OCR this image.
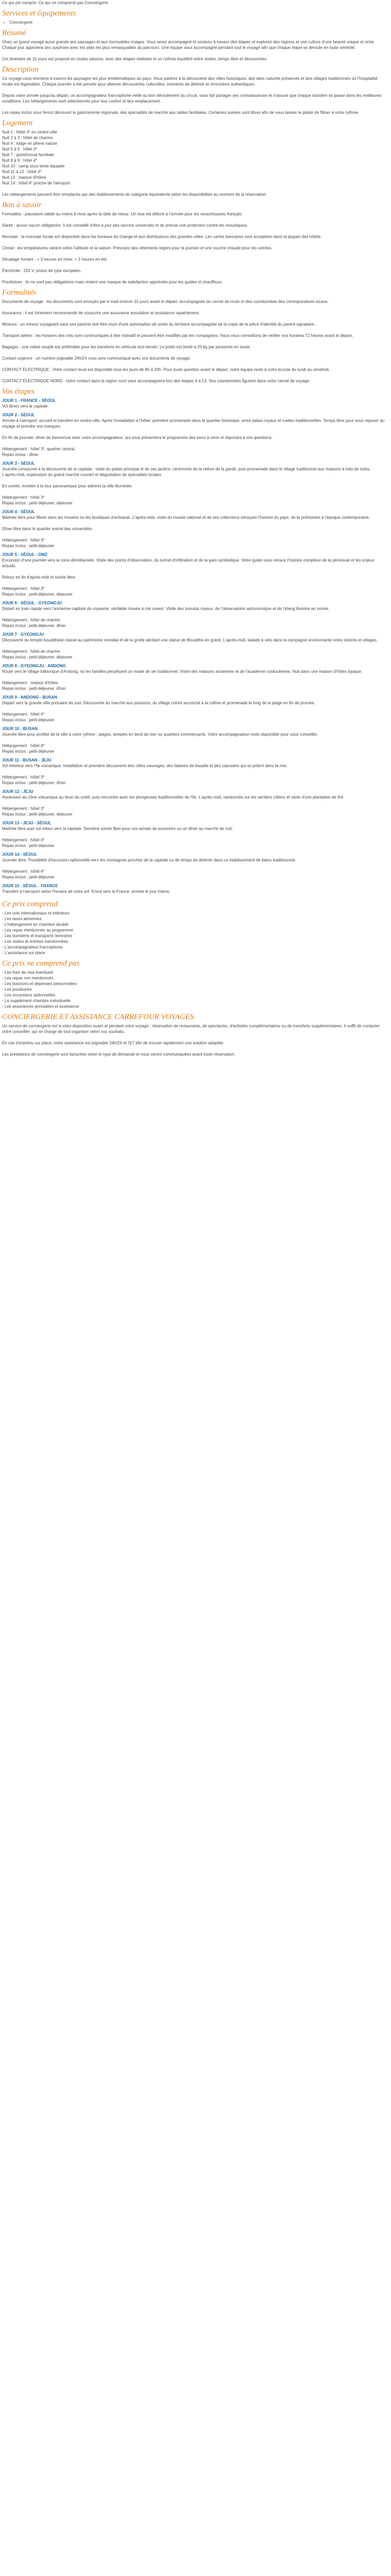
Ce qui est compris: Ce qui ne comprend pas Conciergerie
Services et équipements
• Conciergerie
Résumé

Vivez un grand voyage aussi grande aux paysages et aux incroyables images. Vous serez accompagné et soutenu à travers des étapes et explorez des régions et une culture d'une beauté unique et riche. Chaque jour apportera ses surprises avec les sites les plus remarquables du parcours. Une équipe vous accompagne pendant tout le voyage afin que chaque étape se déroule en toute sérénité.

Cet itinéraire de 15 jours est proposé en toutes saisons, avec des étapes réalistes et un rythme équilibré entre visites, temps libre et découvertes.

Description

Ce voyage vous emmène à travers les paysages les plus emblématiques du pays. Vous partirez à la découverte des villes historiques, des sites naturels préservés et des villages traditionnels où l'hospitalité locale est légendaire. Chaque journée a été pensée pour alterner découvertes culturelles, moments de détente et rencontres authentiques.

Depuis votre arrivée jusqu'au départ, un accompagnateur francophone veille au bon déroulement du circuit, vous fait partager ses connaissances et s'assure que chaque transfert se passe dans les meilleures conditions. Les hébergements sont sélectionnés pour leur confort et leur emplacement.

Les repas inclus vous feront découvrir la gastronomie régionale, des spécialités de marché aux tables familiales. Certaines soirées sont libres afin de vous laisser le plaisir de flâner à votre rythme.

Logement

Nuit 1 : hôtel 3* en centre-ville
Nuit 2 à 3 : hôtel de charme
Nuit 4 : lodge en pleine nature
Nuit 5 à 6 : hôtel 3*
Nuit 7 : guesthouse familiale
Nuit 8 à 9 : hôtel 4*
Nuit 10 : camp sous tente équipée
Nuit 11 à 12 : hôtel 3*
Nuit 13 : maison d'hôtes
Nuit 14 : hôtel 4* proche de l'aéroport

Les hébergements peuvent être remplacés par des établissements de catégorie équivalente selon les disponibilités au moment de la réservation.

Bon à savoir

Formalités : passeport valide au moins 6 mois après la date de retour. Un visa est délivré à l'arrivée pour les ressortissants français.

Santé : aucun vaccin obligatoire. Il est conseillé d'être à jour des vaccins universels et de prévoir une protection contre les moustiques.

Monnaie : la monnaie locale est disponible dans les bureaux de change et aux distributeurs des grandes villes. Les cartes bancaires sont acceptées dans la plupart des hôtels.

Climat : les températures varient selon l'altitude et la saison. Prévoyez des vêtements légers pour la journée et une couche chaude pour les soirées.

Décalage horaire : + 3 heures en hiver, + 2 heures en été.

Électricité : 220 V, prises de type européen.

Pourboires : ils ne sont pas obligatoires mais restent une marque de satisfaction appréciée pour les guides et chauffeurs.

Formalités

Documents de voyage : les documents sont envoyés par e-mail environ 10 jours avant le départ, accompagnés du carnet de route et des coordonnées des correspondants locaux.

Assurance : il est fortement recommandé de souscrire une assurance annulation et assistance rapatriement.

Mineurs : un mineur voyageant sans ses parents doit être muni d'une autorisation de sortie du territoire accompagnée de la copie de la pièce d'identité du parent signataire.

Transport aérien : les horaires des vols sont communiqués à titre indicatif et peuvent être modifiés par les compagnies. Nous vous conseillons de vérifier vos horaires 72 heures avant le départ.

Bagages : une valise souple est préférable pour les transferts en véhicule tout-terrain. Le poids est limité à 20 kg par personne en soute.

Contact urgence : un numéro joignable 24h/24 vous sera communiqué avec vos documents de voyage.

CONTACT ÉLECTRIQUE : Votre contact local est disponible tous les jours de 8h à 20h. Pour toute question avant le départ, notre équipe reste à votre écoute du lundi au vendredi.

CONTACT ÉLECTRIQUE NORD : Votre contact dans la région nord vous accompagnera lors des étapes 9 à 13. Ses coordonnées figurent dans votre carnet de voyage.

Vos étapes
JOUR 1 - FRANCE - SÉOUL

Vol direct vers la capitale.

JOUR 2 - SÉOUL

Arrivée à l'aéroport, accueil et transfert en centre-ville. Après l'installation à l'hôtel, première promenade dans le quartier historique, entre palais royaux et ruelles traditionnelles. Temps libre pour vous reposer du voyage et prendre vos marques.

En fin de journée, dîner de bienvenue avec votre accompagnateur, qui vous présentera le programme des jours à venir et répondra à vos questions.

Hébergement : hôtel 3*, quartier central.
Repas inclus : dîner

JOUR 3 - SÉOUL

Journée consacrée à la découverte de la capitale : visite du palais principal et de ses jardins, cérémonie de la relève de la garde, puis promenade dans le village traditionnel aux maisons à toits de tuiles. L'après-midi, exploration du grand marché couvert et dégustation de spécialités locales.

En soirée, montée à la tour panoramique pour admirer la ville illuminée.

Hébergement : hôtel 3*
Repas inclus : petit-déjeuner, déjeuner

JOUR 4 - SÉOUL

Matinée libre pour flâner dans les musées ou les boutiques d'artisanat. L'après-midi, visite du musée national et de ses collections retraçant l'histoire du pays, de la préhistoire à l'époque contemporaine.

Dîner libre dans le quartier animé des universités.

Hébergement : hôtel 3*
Repas inclus : petit-déjeuner

JOUR 5 - SÉOUL - DMZ

Excursion d'une journée vers la zone démilitarisée. Visite des points d'observation, du tunnel d'infiltration et de la gare symbolique. Votre guide vous retrace l'histoire complexe de la péninsule et les enjeux actuels.

Retour en fin d'après-midi et soirée libre.

Hébergement : hôtel 3*
Repas inclus : petit-déjeuner, déjeuner

JOUR 6 - SÉOUL - GYEONGJU

Départ en train rapide vers l'ancienne capitale du royaume, véritable musée à ciel ouvert. Visite des tumulus royaux, de l'observatoire astronomique et de l'étang illuminé en soirée.

Hébergement : hôtel de charme
Repas inclus : petit-déjeuner, dîner

JOUR 7 - GYEONGJU

Découverte du temple bouddhiste classé au patrimoine mondial et de la grotte abritant une statue de Bouddha en granit. L'après-midi, balade à vélo dans la campagne environnante entre rizières et villages.

Hébergement : hôtel de charme
Repas inclus : petit-déjeuner, déjeuner

JOUR 8 - GYEONGJU - ANDONG

Route vers le village folklorique d'Andong, où les familles perpétuent un mode de vie traditionnel. Visite des maisons anciennes et de l'académie confucéenne. Nuit dans une maison d'hôtes typique.

Hébergement : maison d'hôtes
Repas inclus : petit-déjeuner, dîner

JOUR 9 - ANDONG - BUSAN

Départ vers la grande ville portuaire du sud. Découverte du marché aux poissons, du village coloré accroché à la colline et promenade le long de la plage en fin de journée.

Hébergement : hôtel 4*
Repas inclus : petit-déjeuner

JOUR 10 - BUSAN

Journée libre pour profiter de la ville à votre rythme : plages, temples en bord de mer ou quartiers commerçants. Votre accompagnateur reste disponible pour vous conseiller.

Hébergement : hôtel 4*
Repas inclus : petit-déjeuner

JOUR 11 - BUSAN - JEJU

Vol intérieur vers l'île volcanique. Installation et première découverte des côtes sauvages, des falaises de basalte et des cascades qui se jettent dans la mer.

Hébergement : hôtel 3*
Repas inclus : petit-déjeuner, dîner

JOUR 12 - JEJU

Ascension du cône volcanique au lever du soleil, puis rencontre avec les plongeuses traditionnelles de l'île. L'après-midi, randonnée sur les sentiers côtiers et visite d'une plantation de thé.

Hébergement : hôtel 3*
Repas inclus : petit-déjeuner, déjeuner

JOUR 13 - JEJU - SÉOUL

Matinée libre puis vol retour vers la capitale. Dernière soirée libre pour vos achats de souvenirs ou un dîner au marché de nuit.

Hébergement : hôtel 4*
Repas inclus : petit-déjeuner

JOUR 14 - SÉOUL

Journée libre. Possibilité d'excursion optionnelle vers les montagnes proches de la capitale ou de temps de détente dans un établissement de bains traditionnels.

Hébergement : hôtel 4*
Repas inclus : petit-déjeuner

JOUR 15 - SÉOUL - FRANCE

Transfert à l'aéroport selon l'horaire de votre vol. Envol vers la France, arrivée le jour même.

Ce prix comprend

- Les vols internationaux et intérieurs
- Les taxes aériennes
- L'hébergement en chambre double
- Les repas mentionnés au programme
- Les transferts et transports terrestres
- Les visites et entrées mentionnées
- L'accompagnateur francophone
- L'assistance sur place

Ce prix ne comprend pas

- Les frais de visa éventuels
- Les repas non mentionnés
- Les boissons et dépenses personnelles
- Les pourboires
- Les excursions optionnelles
- Le supplément chambre individuelle
- Les assurances annulation et assistance

CONCIERGERIE ET ASSISTANCE CARREFOUR VOYAGES

Un service de conciergerie est à votre disposition avant et pendant votre voyage : réservation de restaurants, de spectacles, d'activités complémentaires ou de transferts supplémentaires. Il suffit de contacter votre conseiller, qui se charge de tout organiser selon vos souhaits.

En cas d'imprévu sur place, notre assistance est joignable 24h/24 et 7j/7 afin de trouver rapidement une solution adaptée.

Les prestations de conciergerie sont facturées selon le type de demande et vous seront communiquées avant toute réservation.
